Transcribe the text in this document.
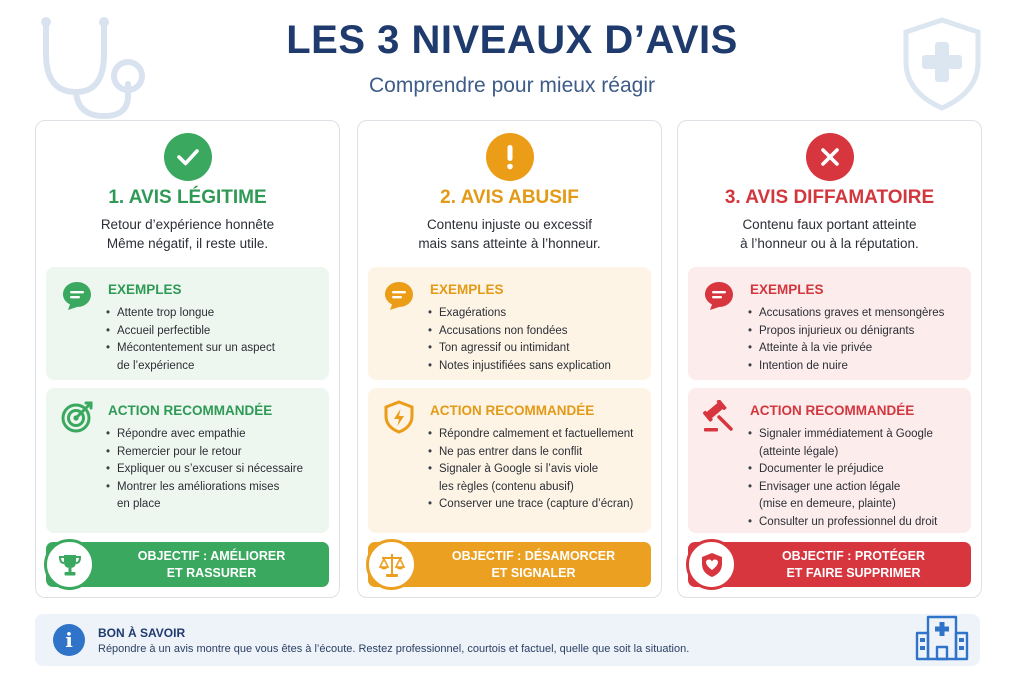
LES 3 NIVEAUX D’AVIS
Comprendre pour mieux réagir
1. AVIS LÉGITIME
Retour d’expérience honnête
Même négatif, il reste utile.
EXEMPLES
• Attente trop longue
• Accueil perfectible
• Mécontentement sur un aspect
de l’expérience
ACTION RECOMMANDÉE
• Répondre avec empathie
• Remercier pour le retour
• Expliquer ou s’excuser si nécessaire
• Montrer les améliorations mises
en place
OBJECTIF : AMÉLIORER
ET RASSURER
2. AVIS ABUSIF
Contenu injuste ou excessif
mais sans atteinte à l’honneur.
EXEMPLES
• Exagérations
• Accusations non fondées
• Ton agressif ou intimidant
• Notes injustifiées sans explication
ACTION RECOMMANDÉE
• Répondre calmement et factuellement
• Ne pas entrer dans le conflit
• Signaler à Google si l’avis viole
les règles (contenu abusif)
• Conserver une trace (capture d’écran)
OBJECTIF : DÉSAMORCER
ET SIGNALER
3. AVIS DIFFAMATOIRE
Contenu faux portant atteinte
à l’honneur ou à la réputation.
EXEMPLES
• Accusations graves et mensongères
• Propos injurieux ou dénigrants
• Atteinte à la vie privée
• Intention de nuire
ACTION RECOMMANDÉE
• Signaler immédiatement à Google
(atteinte légale)
• Documenter le préjudice
• Envisager une action légale
(mise en demeure, plainte)
• Consulter un professionnel du droit
OBJECTIF : PROTÉGER
ET FAIRE SUPPRIMER
i	BON À SAVOIR
Répondre à un avis montre que vous êtes à l’écoute. Restez professionnel, courtois et factuel, quelle que soit la situation.
